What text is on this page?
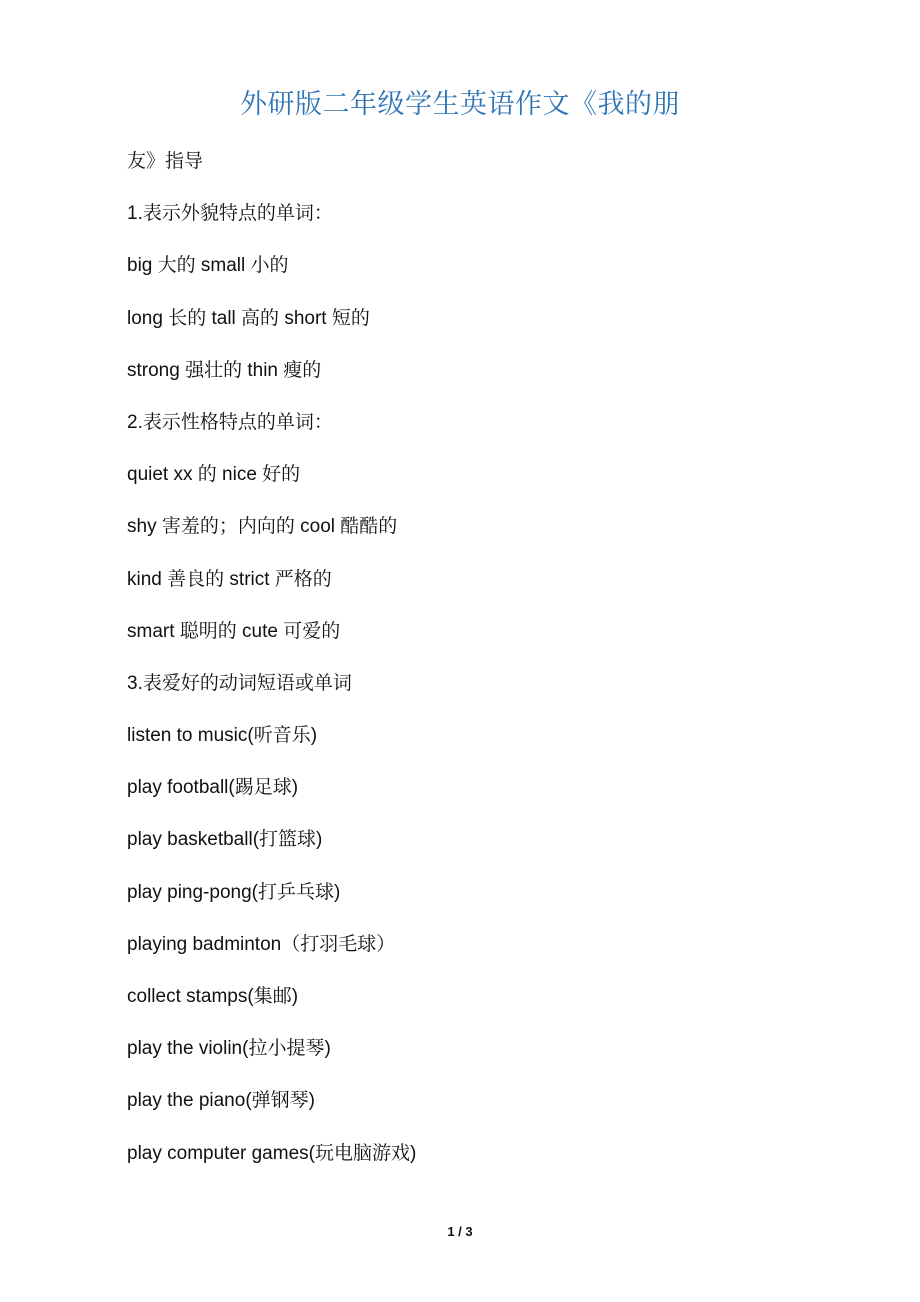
外研版二年级学生英语作文《我的朋
友》指导
1.表示外貌特点的单词：
big 大的 small 小的
long 长的 tall 高的 short 短的
strong 强壮的 thin 瘦的
2.表示性格特点的单词：
quiet xx 的 nice 好的
shy 害羞的；内向的 cool 酷酷的
kind 善良的 strict 严格的
smart 聪明的 cute 可爱的
3.表爱好的动词短语或单词
listen to music(听音乐)
play football(踢足球)
play basketball(打篮球)
play ping-pong(打乒乓球)
playing badminton（打羽毛球）
collect stamps(集邮)
play the violin(拉小提琴)
play the piano(弹钢琴)
play computer games(玩电脑游戏)
1 / 3
